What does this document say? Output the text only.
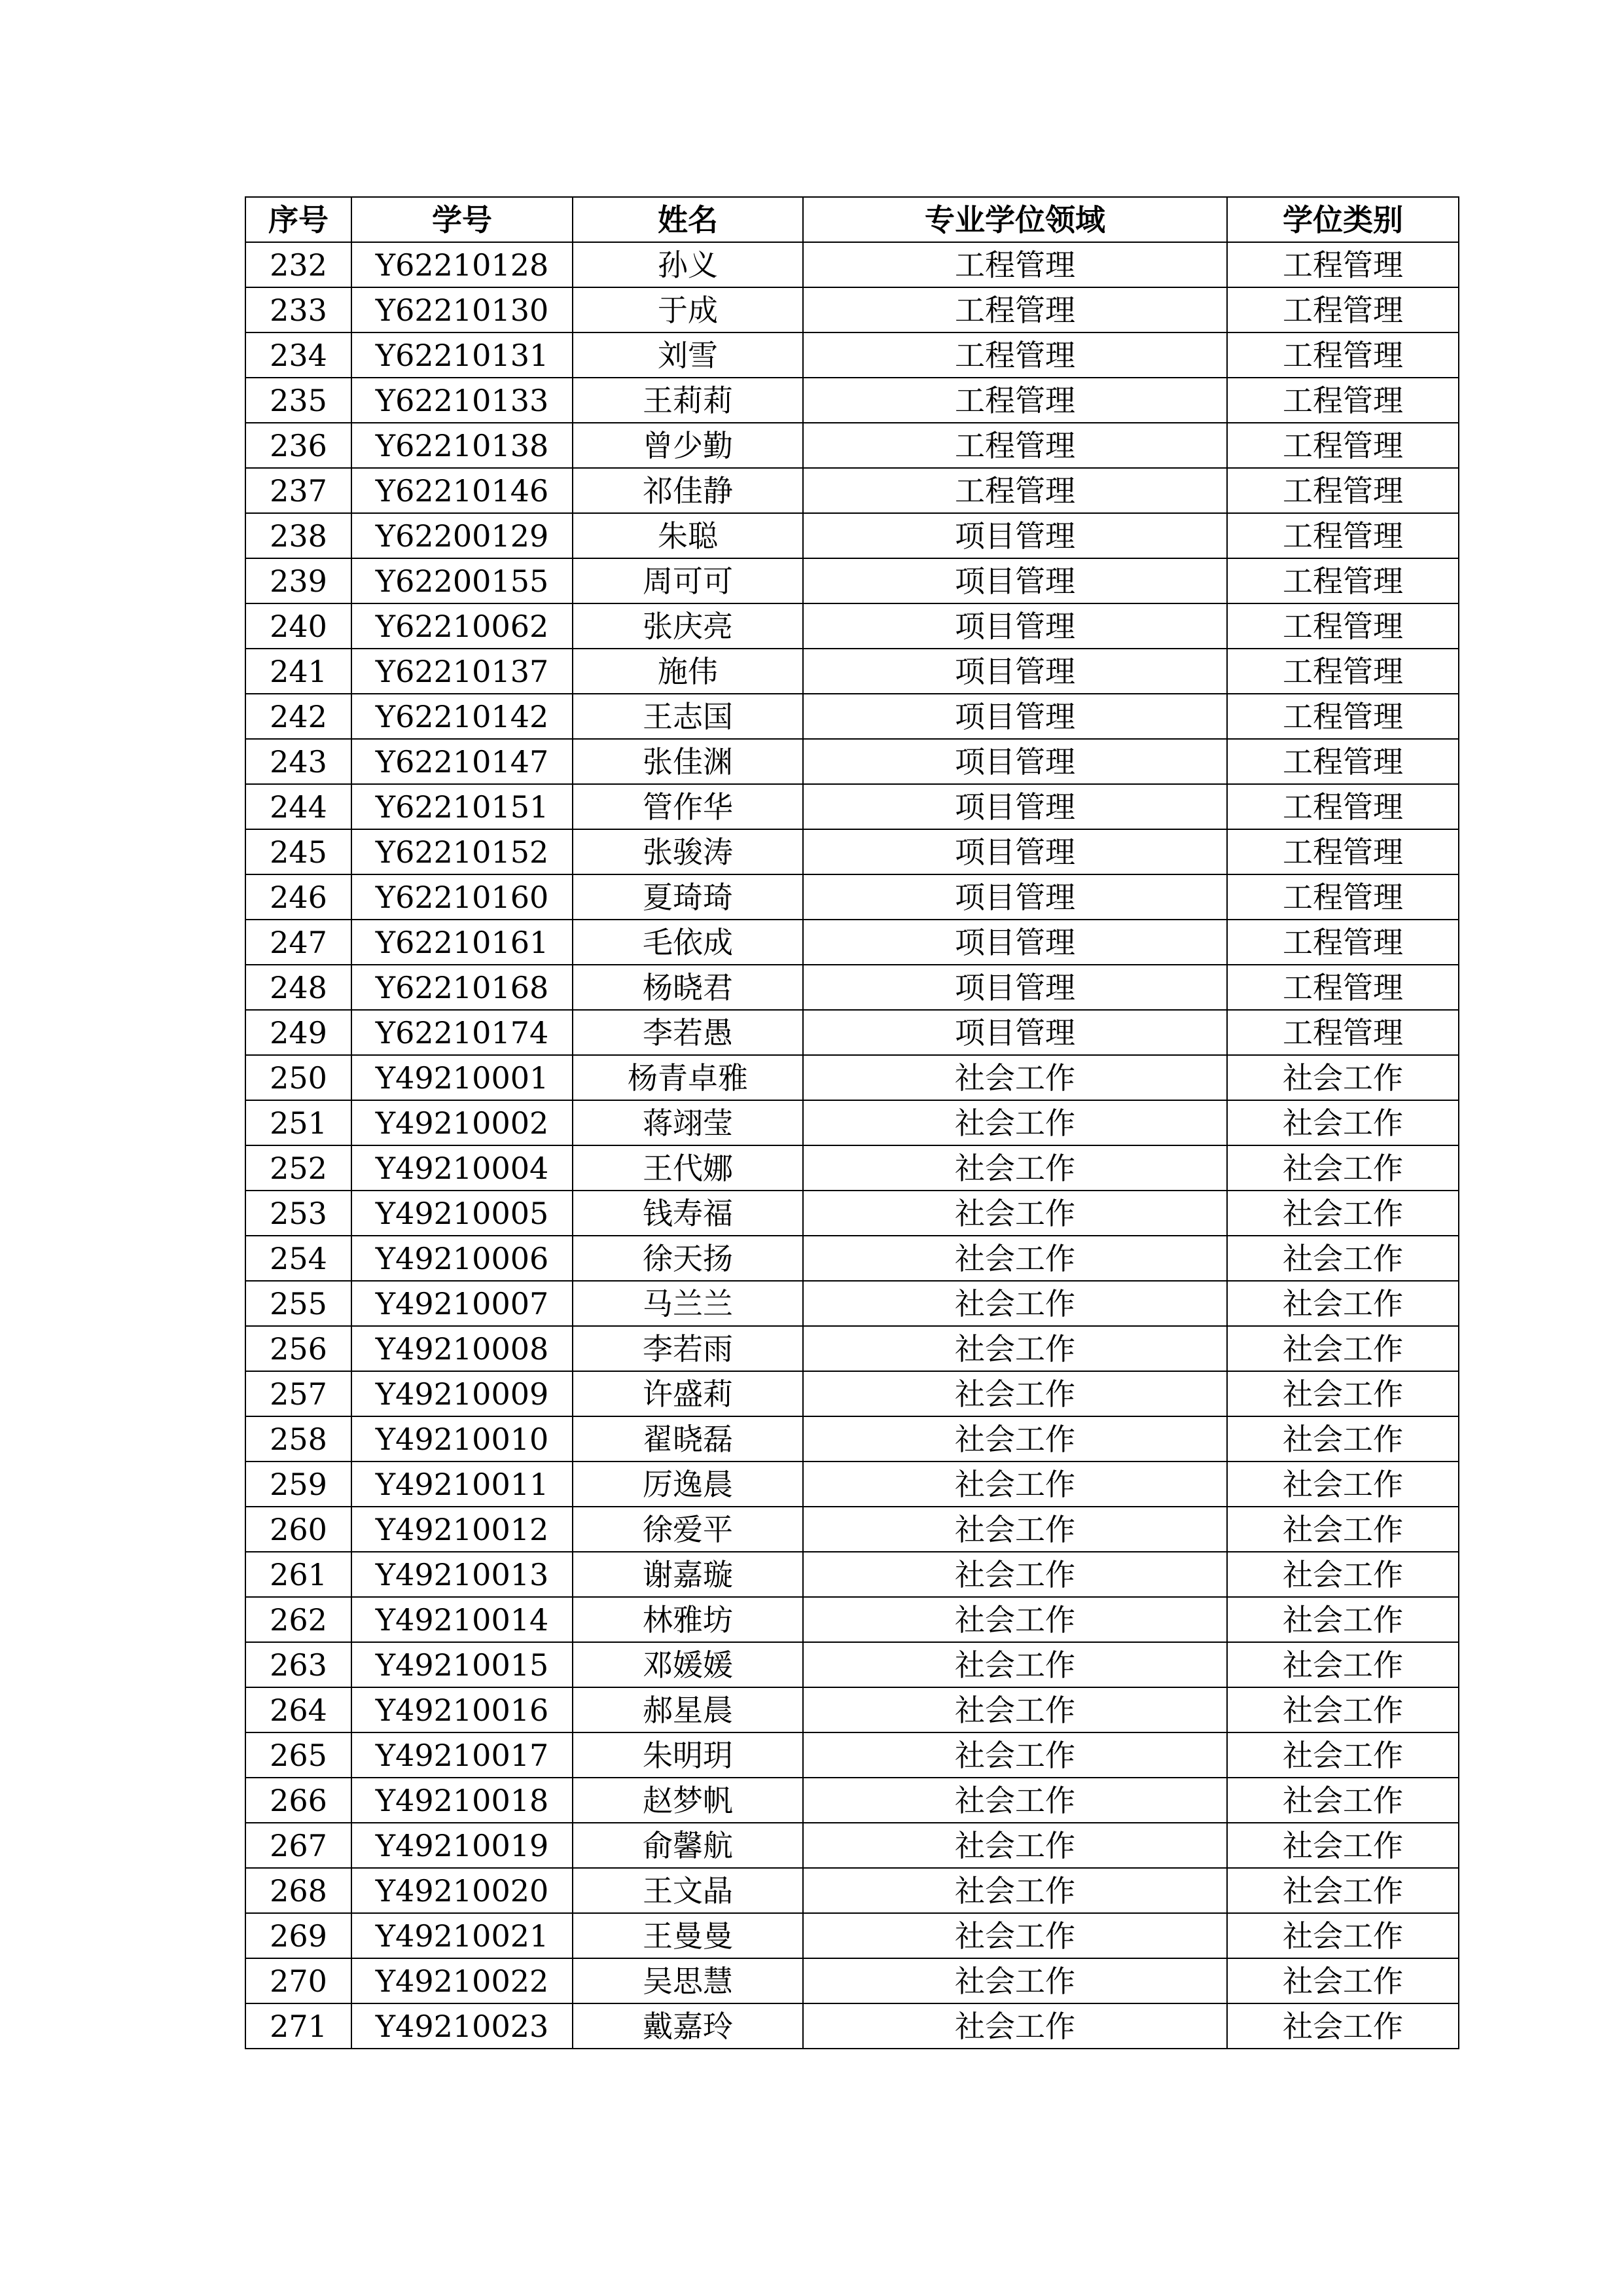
序号	学号	姓名	专业学位领域	学位类别
232	Y62210128	孙义	工程管理	工程管理
233	Y62210130	于成	工程管理	工程管理
234	Y62210131	刘雪	工程管理	工程管理
235	Y62210133	王莉莉	工程管理	工程管理
236	Y62210138	曾少勤	工程管理	工程管理
237	Y62210146	祁佳静	工程管理	工程管理
238	Y62200129	朱聪	项目管理	工程管理
239	Y62200155	周可可	项目管理	工程管理
240	Y62210062	张庆亮	项目管理	工程管理
241	Y62210137	施伟	项目管理	工程管理
242	Y62210142	王志国	项目管理	工程管理
243	Y62210147	张佳渊	项目管理	工程管理
244	Y62210151	管作华	项目管理	工程管理
245	Y62210152	张骏涛	项目管理	工程管理
246	Y62210160	夏琦琦	项目管理	工程管理
247	Y62210161	毛依成	项目管理	工程管理
248	Y62210168	杨晓君	项目管理	工程管理
249	Y62210174	李若愚	项目管理	工程管理
250	Y49210001	杨青卓雅	社会工作	社会工作
251	Y49210002	蒋翊莹	社会工作	社会工作
252	Y49210004	王代娜	社会工作	社会工作
253	Y49210005	钱寿福	社会工作	社会工作
254	Y49210006	徐天扬	社会工作	社会工作
255	Y49210007	马兰兰	社会工作	社会工作
256	Y49210008	李若雨	社会工作	社会工作
257	Y49210009	许盛莉	社会工作	社会工作
258	Y49210010	翟晓磊	社会工作	社会工作
259	Y49210011	厉逸晨	社会工作	社会工作
260	Y49210012	徐爱平	社会工作	社会工作
261	Y49210013	谢嘉璇	社会工作	社会工作
262	Y49210014	林雅坊	社会工作	社会工作
263	Y49210015	邓媛媛	社会工作	社会工作
264	Y49210016	郝星晨	社会工作	社会工作
265	Y49210017	朱明玥	社会工作	社会工作
266	Y49210018	赵梦帆	社会工作	社会工作
267	Y49210019	俞馨航	社会工作	社会工作
268	Y49210020	王文晶	社会工作	社会工作
269	Y49210021	王曼曼	社会工作	社会工作
270	Y49210022	吴思慧	社会工作	社会工作
271	Y49210023	戴嘉玲	社会工作	社会工作
